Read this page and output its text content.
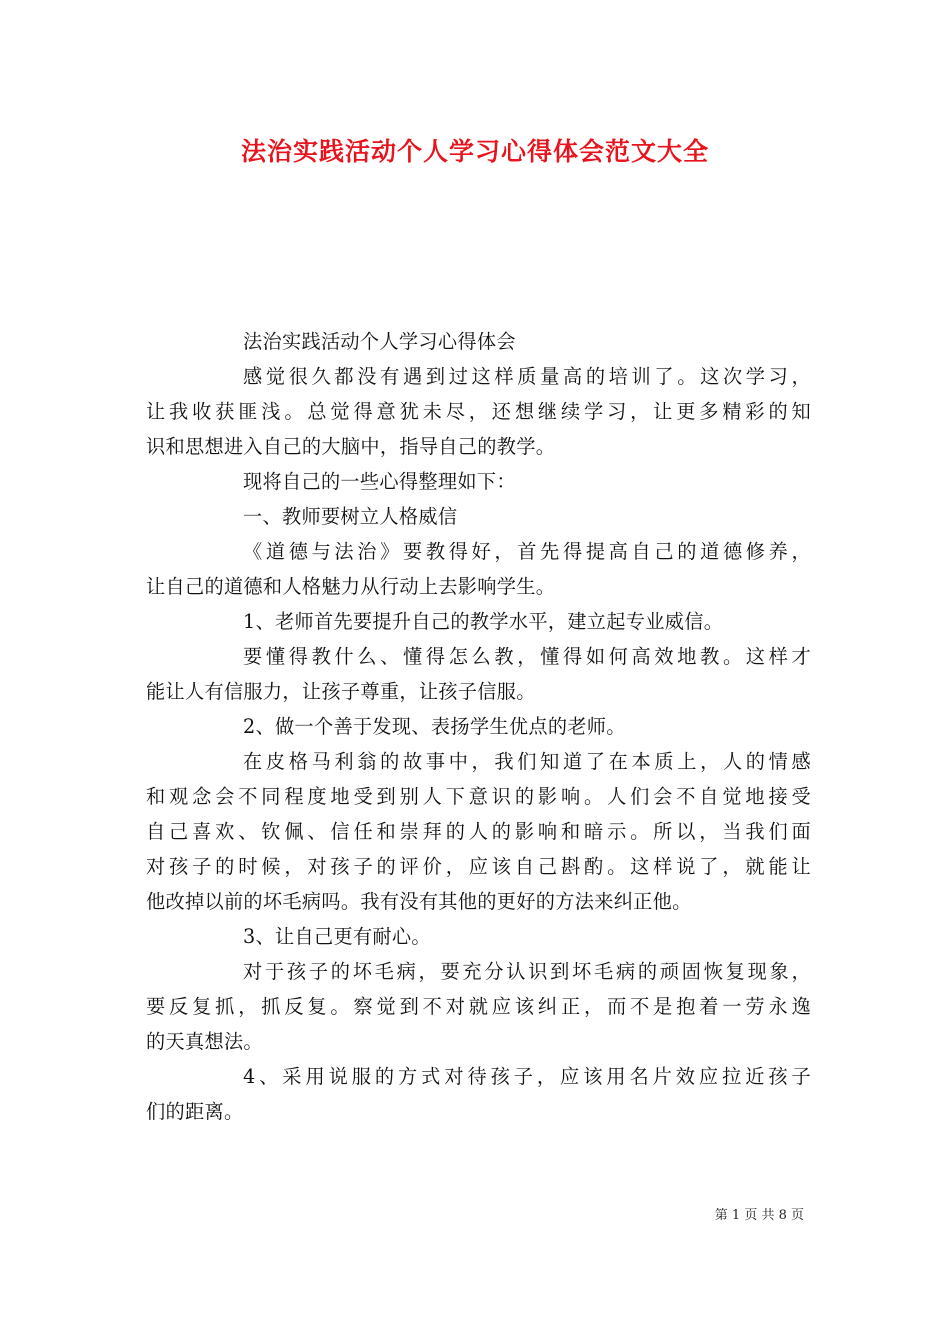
法治实践活动个人学习心得体会范文大全
法治实践活动个人学习心得体会
感觉很久都没有遇到过这样质量高的培训了。这次学习，
让我收获匪浅。总觉得意犹未尽，还想继续学习，让更多精彩的知
识和思想进入自己的大脑中，指导自己的教学。
现将自己的一些心得整理如下：
一、教师要树立人格威信
《道德与法治》要教得好，首先得提高自己的道德修养，
让自己的道德和人格魅力从行动上去影响学生。
1、老师首先要提升自己的教学水平，建立起专业威信。
要懂得教什么、懂得怎么教，懂得如何高效地教。这样才
能让人有信服力，让孩子尊重，让孩子信服。
2、做一个善于发现、表扬学生优点的老师。
在皮格马利翁的故事中，我们知道了在本质上，人的情感
和观念会不同程度地受到别人下意识的影响。人们会不自觉地接受
自己喜欢、钦佩、信任和崇拜的人的影响和暗示。所以，当我们面
对孩子的时候，对孩子的评价，应该自己斟酌。这样说了，就能让
他改掉以前的坏毛病吗。我有没有其他的更好的方法来纠正他。
3、让自己更有耐心。
对于孩子的坏毛病，要充分认识到坏毛病的顽固恢复现象，
要反复抓，抓反复。察觉到不对就应该纠正，而不是抱着一劳永逸
的天真想法。
4、采用说服的方式对待孩子，应该用名片效应拉近孩子
们的距离。

第 1 页 共 8 页
